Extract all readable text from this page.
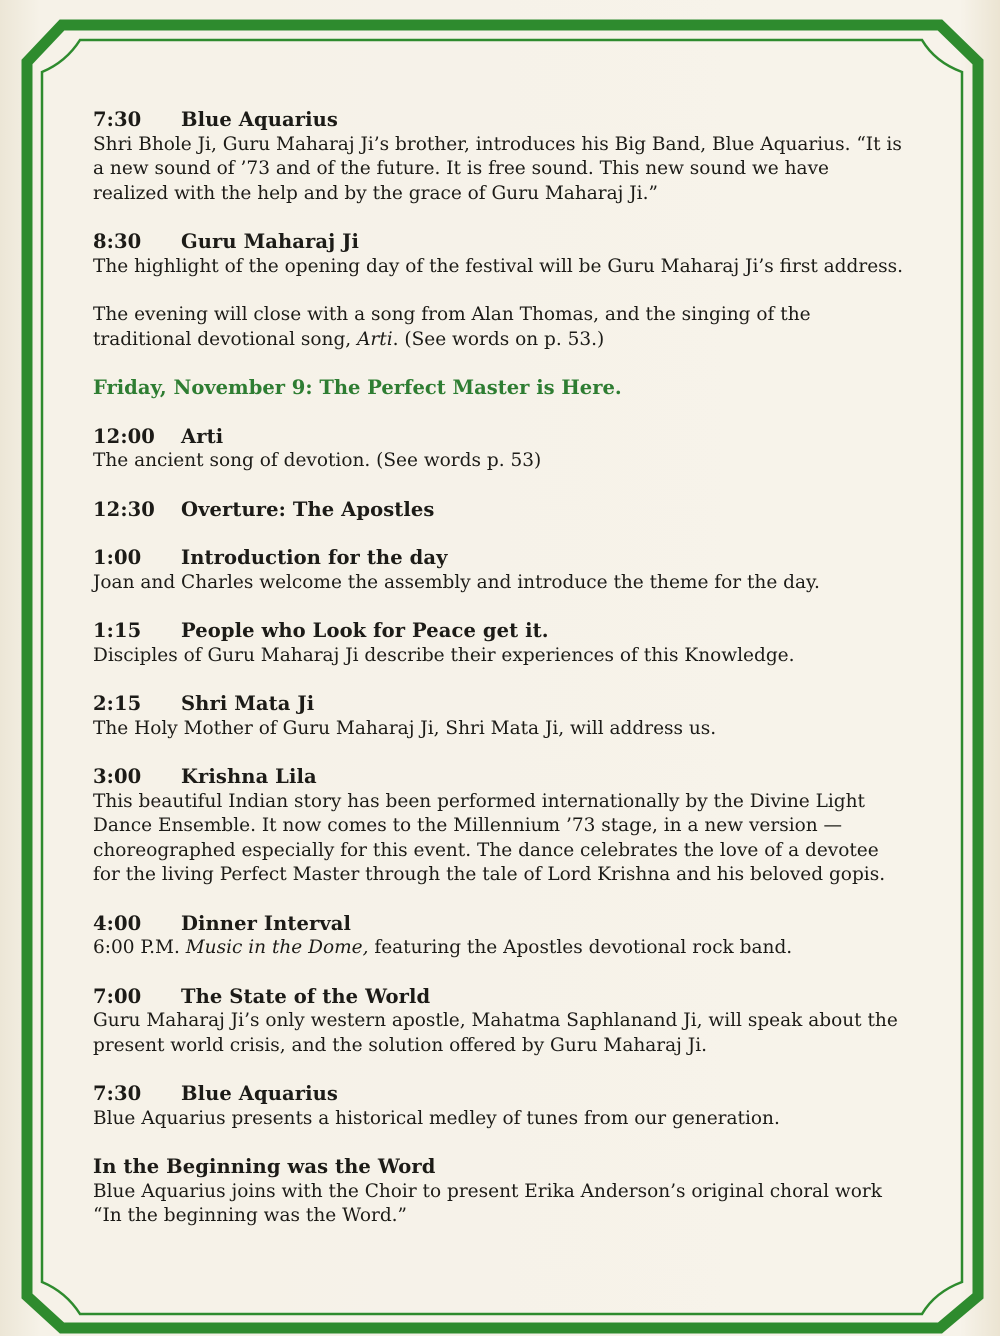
7:30 Blue Aquarius
Shri Bhole Ji, Guru Maharaj Ji’s brother, introduces his Big Band, Blue Aquarius. “It is a new sound of ’73 and of the future. It is free sound. This new sound we have realized with the help and by the grace of Guru Maharaj Ji.”
8:30 Guru Maharaj Ji
The highlight of the opening day of the festival will be Guru Maharaj Ji’s first address.
The evening will close with a song from Alan Thomas, and the singing of the traditional devotional song, Arti. (See words on p. 53.)
Friday, November 9: The Perfect Master is Here.
12:00 Arti
The ancient song of devotion. (See words p. 53)
12:30 Overture: The Apostles
1:00 Introduction for the day
Joan and Charles welcome the assembly and introduce the theme for the day.
1:15 People who Look for Peace get it.
Disciples of Guru Maharaj Ji describe their experiences of this Knowledge.
2:15 Shri Mata Ji
The Holy Mother of Guru Maharaj Ji, Shri Mata Ji, will address us.
3:00 Krishna Lila
This beautiful Indian story has been performed internationally by the Divine Light Dance Ensemble. It now comes to the Millennium ’73 stage, in a new version — choreographed especially for this event. The dance celebrates the love of a devotee for the living Perfect Master through the tale of Lord Krishna and his beloved gopis.
4:00 Dinner Interval
6:00 P.M. Music in the Dome, featuring the Apostles devotional rock band.
7:00 The State of the World
Guru Maharaj Ji’s only western apostle, Mahatma Saphlanand Ji, will speak about the present world crisis, and the solution offered by Guru Maharaj Ji.
7:30 Blue Aquarius
Blue Aquarius presents a historical medley of tunes from our generation.
In the Beginning was the Word
Blue Aquarius joins with the Choir to present Erika Anderson’s original choral work “In the beginning was the Word.”
